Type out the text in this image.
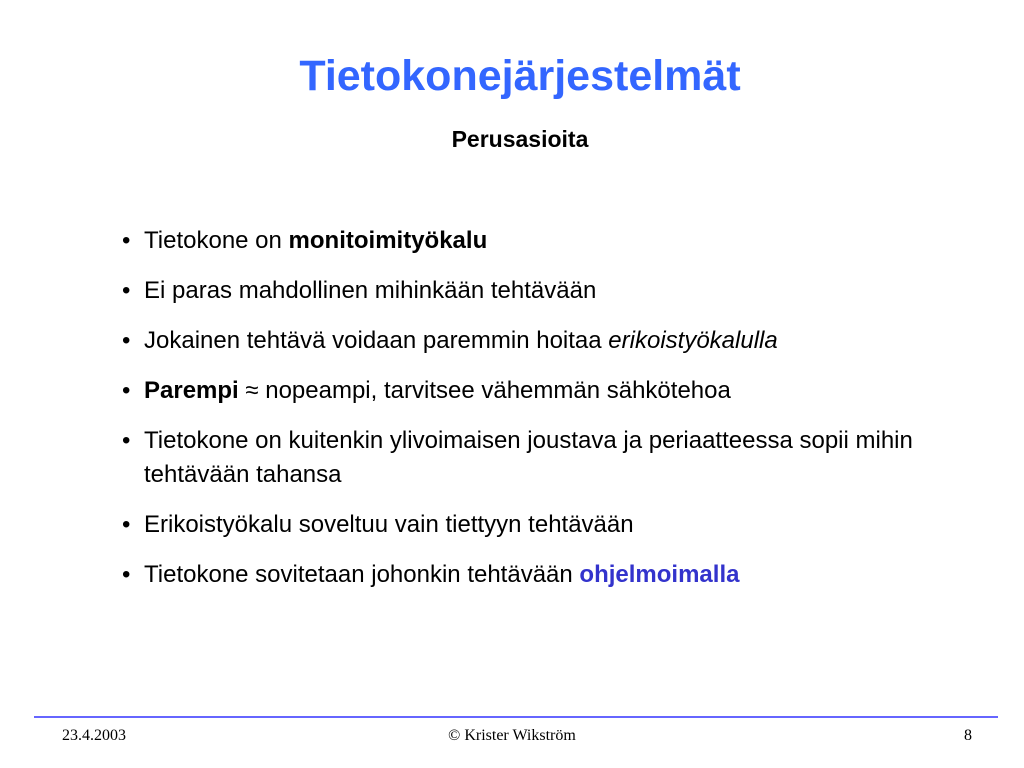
Tietokonejärjestelmät
Perusasioita
• Tietokone on monitoimityökalu
• Ei paras mahdollinen mihinkään tehtävään
• Jokainen tehtävä voidaan paremmin hoitaa erikoistyökalulla
• Parempi ≈ nopeampi, tarvitsee vähemmän sähkötehoa
• Tietokone on kuitenkin ylivoimaisen joustava ja periaatteessa sopii mihin tehtävään tahansa
• Erikoistyökalu soveltuu vain tiettyyn tehtävään
• Tietokone sovitetaan johonkin tehtävään ohjelmoimalla
23.4.2003	© Krister Wikström	8
